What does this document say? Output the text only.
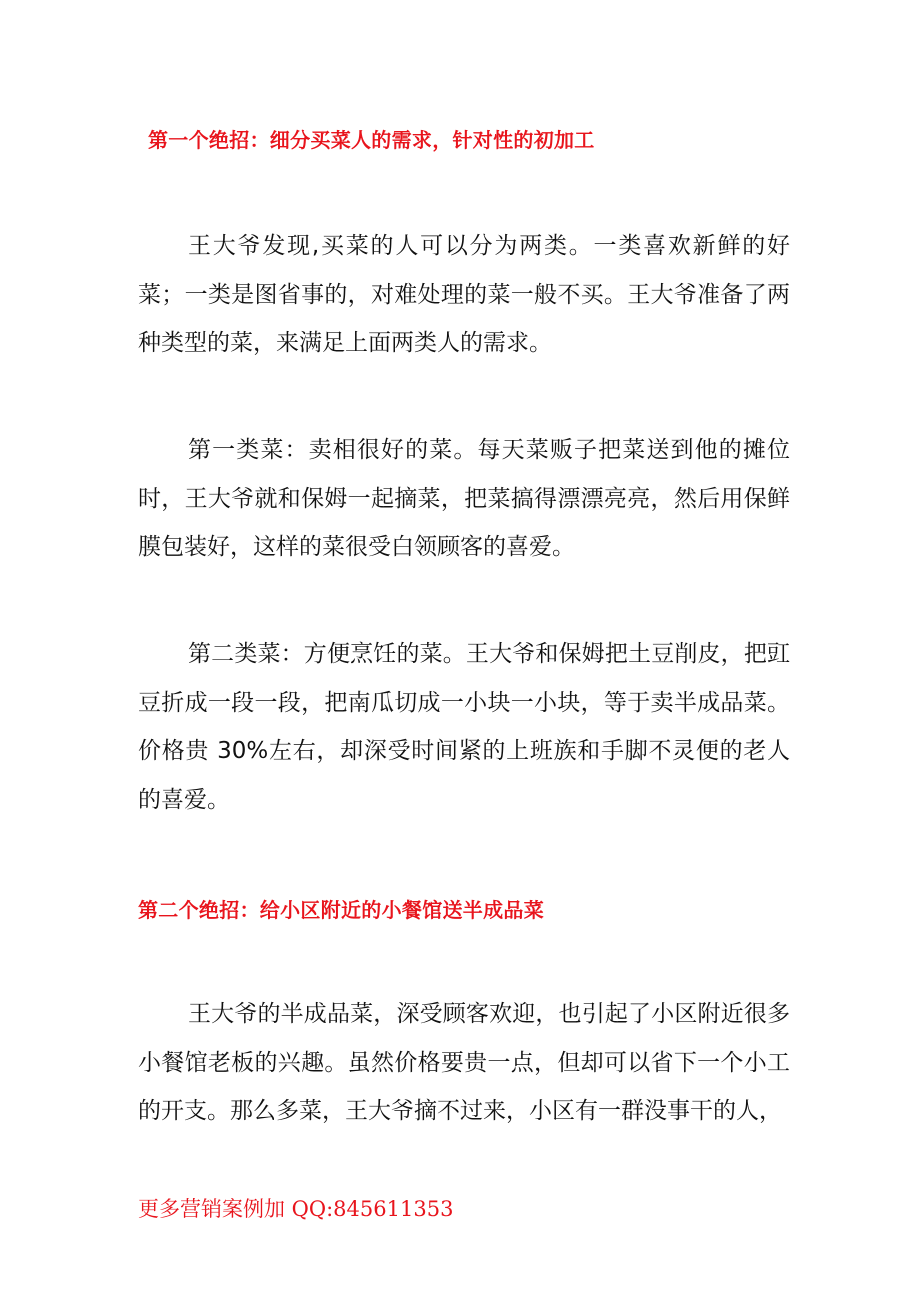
第一个绝招：细分买菜人的需求，针对性的初加工
王大爷发现,买菜的人可以分为两类。一类喜欢新鲜的好菜；一类是图省事的，对难处理的菜一般不买。王大爷准备了两种类型的菜，来满足上面两类人的需求。
第一类菜：卖相很好的菜。每天菜贩子把菜送到他的摊位时，王大爷就和保姆一起摘菜，把菜搞得漂漂亮亮，然后用保鲜膜包装好，这样的菜很受白领顾客的喜爱。
第二类菜：方便烹饪的菜。王大爷和保姆把土豆削皮，把豇豆折成一段一段，把南瓜切成一小块一小块，等于卖半成品菜。价格贵 30%左右，却深受时间紧的上班族和手脚不灵便的老人的喜爱。
第二个绝招：给小区附近的小餐馆送半成品菜
王大爷的半成品菜，深受顾客欢迎，也引起了小区附近很多小餐馆老板的兴趣。虽然价格要贵一点，但却可以省下一个小工的开支。那么多菜，王大爷摘不过来，小区有一群没事干的人，
更多营销案例加 QQ:845611353
